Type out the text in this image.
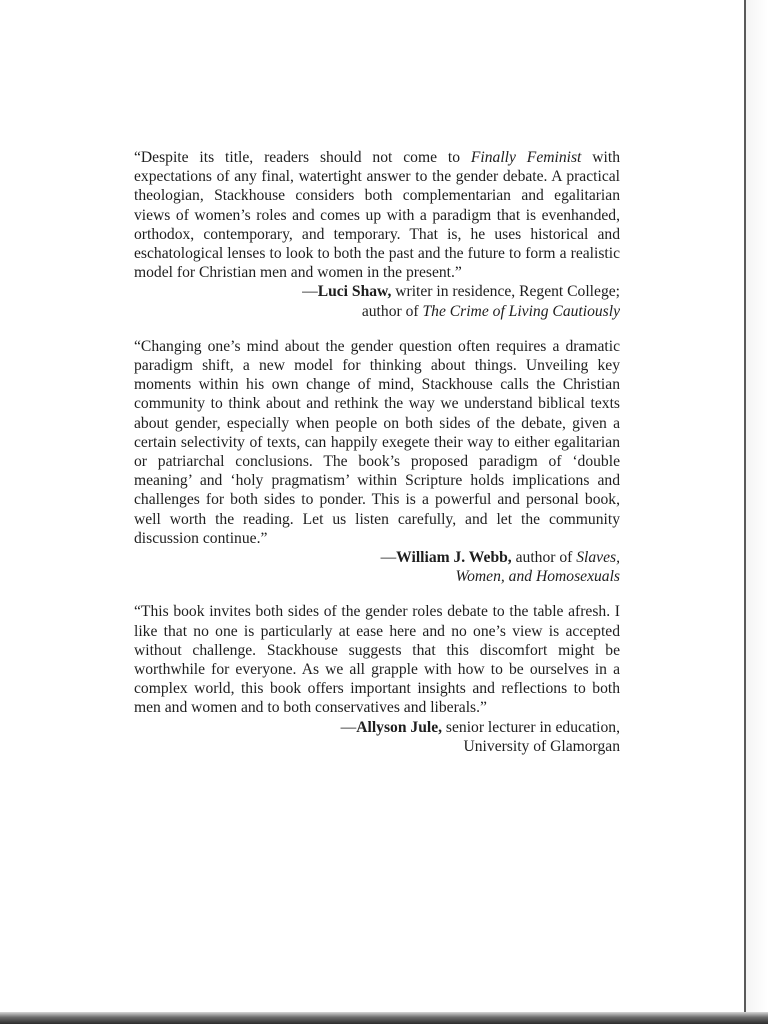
“Despite its title, readers should not come to Finally Feminist with expectations of any final, watertight answer to the gender debate. A practical theologian, Stackhouse considers both complementarian and egalitarian views of women’s roles and comes up with a paradigm that is evenhanded, orthodox, contemporary, and temporary. That is, he uses historical and eschatological lenses to look to both the past and the future to form a realistic model for Christian men and women in the present.”

—Luci Shaw, writer in residence, Regent College;
author of The Crime of Living Cautiously

“Changing one’s mind about the gender question often requires a dramatic paradigm shift, a new model for thinking about things. Unveiling key moments within his own change of mind, Stackhouse calls the Christian community to think about and rethink the way we understand biblical texts about gender, especially when people on both sides of the debate, given a certain selectivity of texts, can happily exegete their way to either egalitarian or patriarchal conclusions. The book’s proposed paradigm of ‘double meaning’ and ‘holy pragmatism’ within Scripture holds implications and challenges for both sides to ponder. This is a powerful and personal book, well worth the reading. Let us listen carefully, and let the community discussion continue.”

—William J. Webb, author of Slaves,
Women, and Homosexuals

“This book invites both sides of the gender roles debate to the table afresh. I like that no one is particularly at ease here and no one’s view is accepted without challenge. Stackhouse suggests that this discomfort might be worthwhile for everyone. As we all grapple with how to be ourselves in a complex world, this book offers important insights and reflections to both men and women and to both conservatives and liberals.”

—Allyson Jule, senior lecturer in education,
University of Glamorgan
